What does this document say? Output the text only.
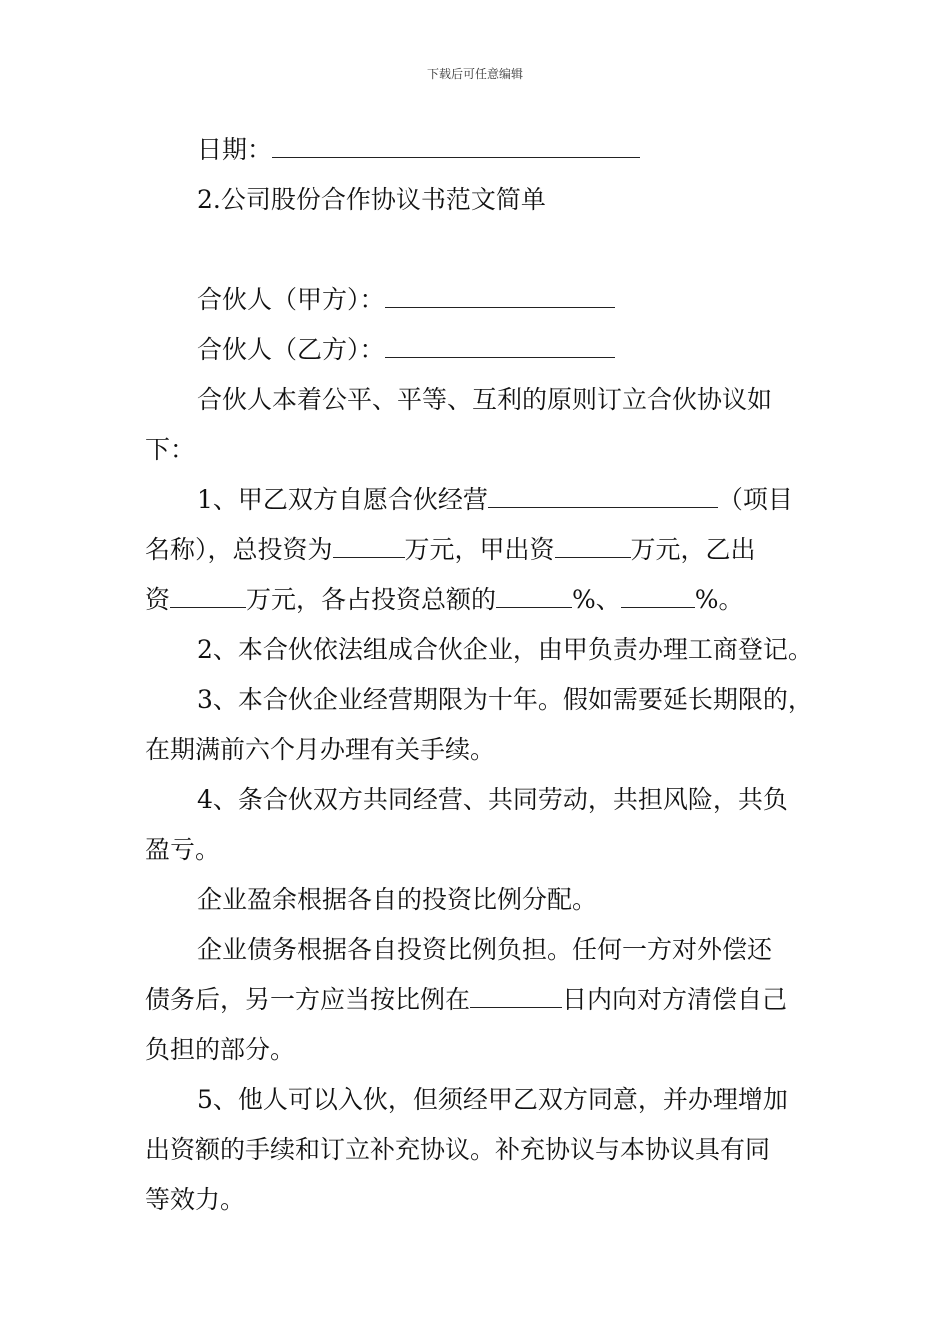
下载后可任意编辑
日期：
2.公司股份合作协议书范文简单
合伙人（甲方）：
合伙人（乙方）：
合伙人本着公平、平等、互利的原则订立合伙协议如
下：
1、甲乙双方自愿合伙经营	（项目
名称），总投资为	万元，甲出资	万元，乙出
资	万元，各占投资总额的	%、	%。
2、本合伙依法组成合伙企业，由甲负责办理工商登记。
3、本合伙企业经营期限为十年。假如需要延长期限的，
在期满前六个月办理有关手续。
4、条合伙双方共同经营、共同劳动，共担风险，共负
盈亏。
企业盈余根据各自的投资比例分配。
企业债务根据各自投资比例负担。任何一方对外偿还
债务后，另一方应当按比例在	日内向对方清偿自己
负担的部分。
5、他人可以入伙，但须经甲乙双方同意，并办理增加
出资额的手续和订立补充协议。补充协议与本协议具有同
等效力。
